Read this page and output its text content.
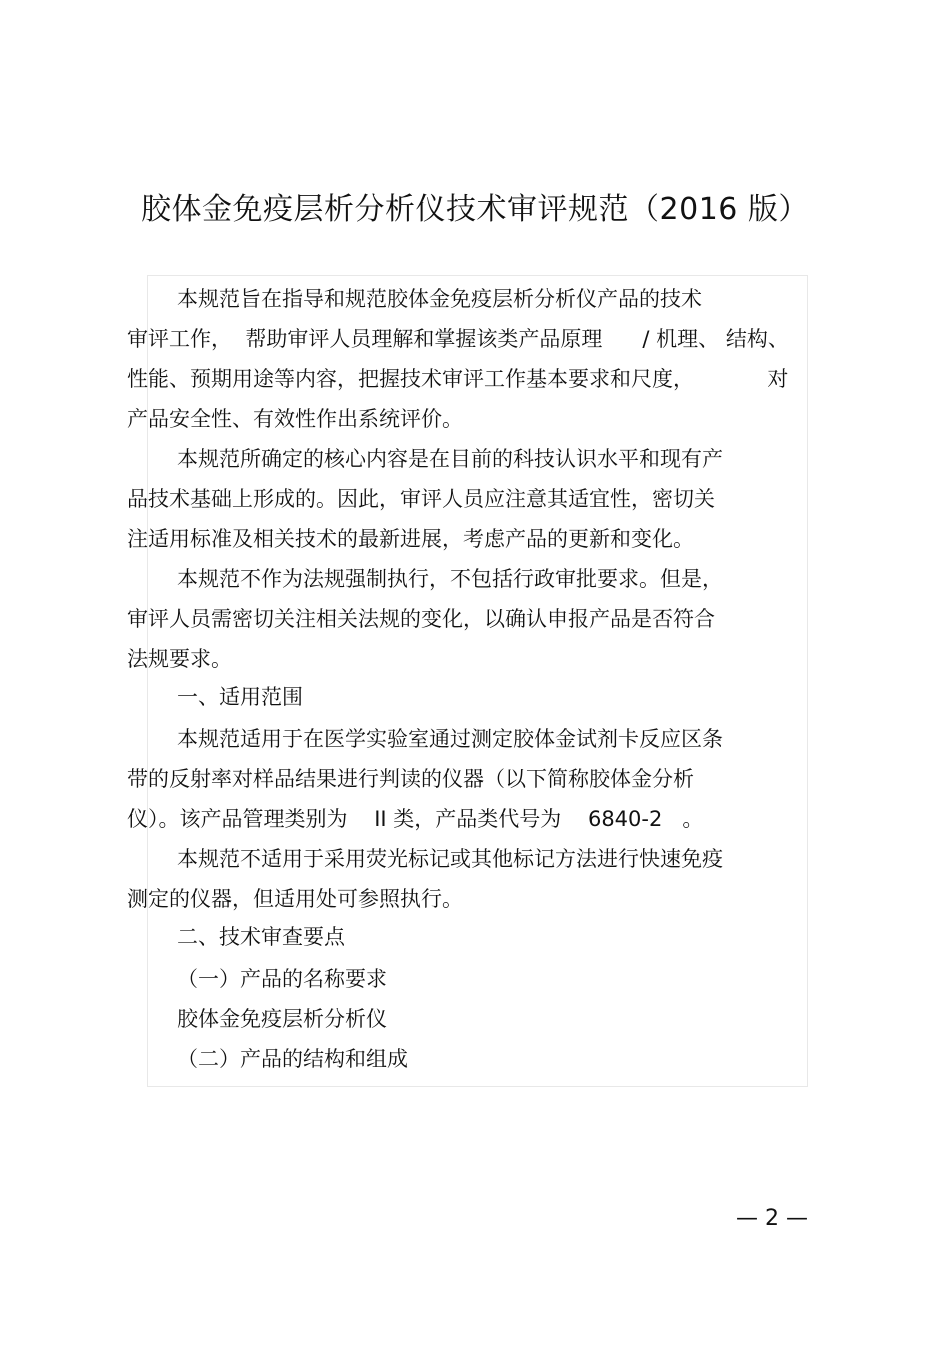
胶体金免疫层析分析仪技术审评规范（2016 版）
本规范旨在指导和规范胶体金免疫层析分析仪产品的技术
审评工作，  帮助审评人员理解和掌握该类产品原理      / 机理、 结构、
性能、预期用途等内容，把握技术审评工作基本要求和尺度，           对
产品安全性、有效性作出系统评价。
本规范所确定的核心内容是在目前的科技认识水平和现有产
品技术基础上形成的。因此，审评人员应注意其适宜性，密切关
注适用标准及相关技术的最新进展，考虑产品的更新和变化。
本规范不作为法规强制执行，不包括行政审批要求。但是，
审评人员需密切关注相关法规的变化，以确认申报产品是否符合
法规要求。
一、适用范围
本规范适用于在医学实验室通过测定胶体金试剂卡反应区条
带的反射率对样品结果进行判读的仪器（以下简称胶体金分析
仪）。该产品管理类别为    II 类，产品类代号为    6840-2   。
本规范不适用于采用荧光标记或其他标记方法进行快速免疫
测定的仪器，但适用处可参照执行。
二、技术审查要点
（一）产品的名称要求
胶体金免疫层析分析仪
（二）产品的结构和组成
— 2 —
